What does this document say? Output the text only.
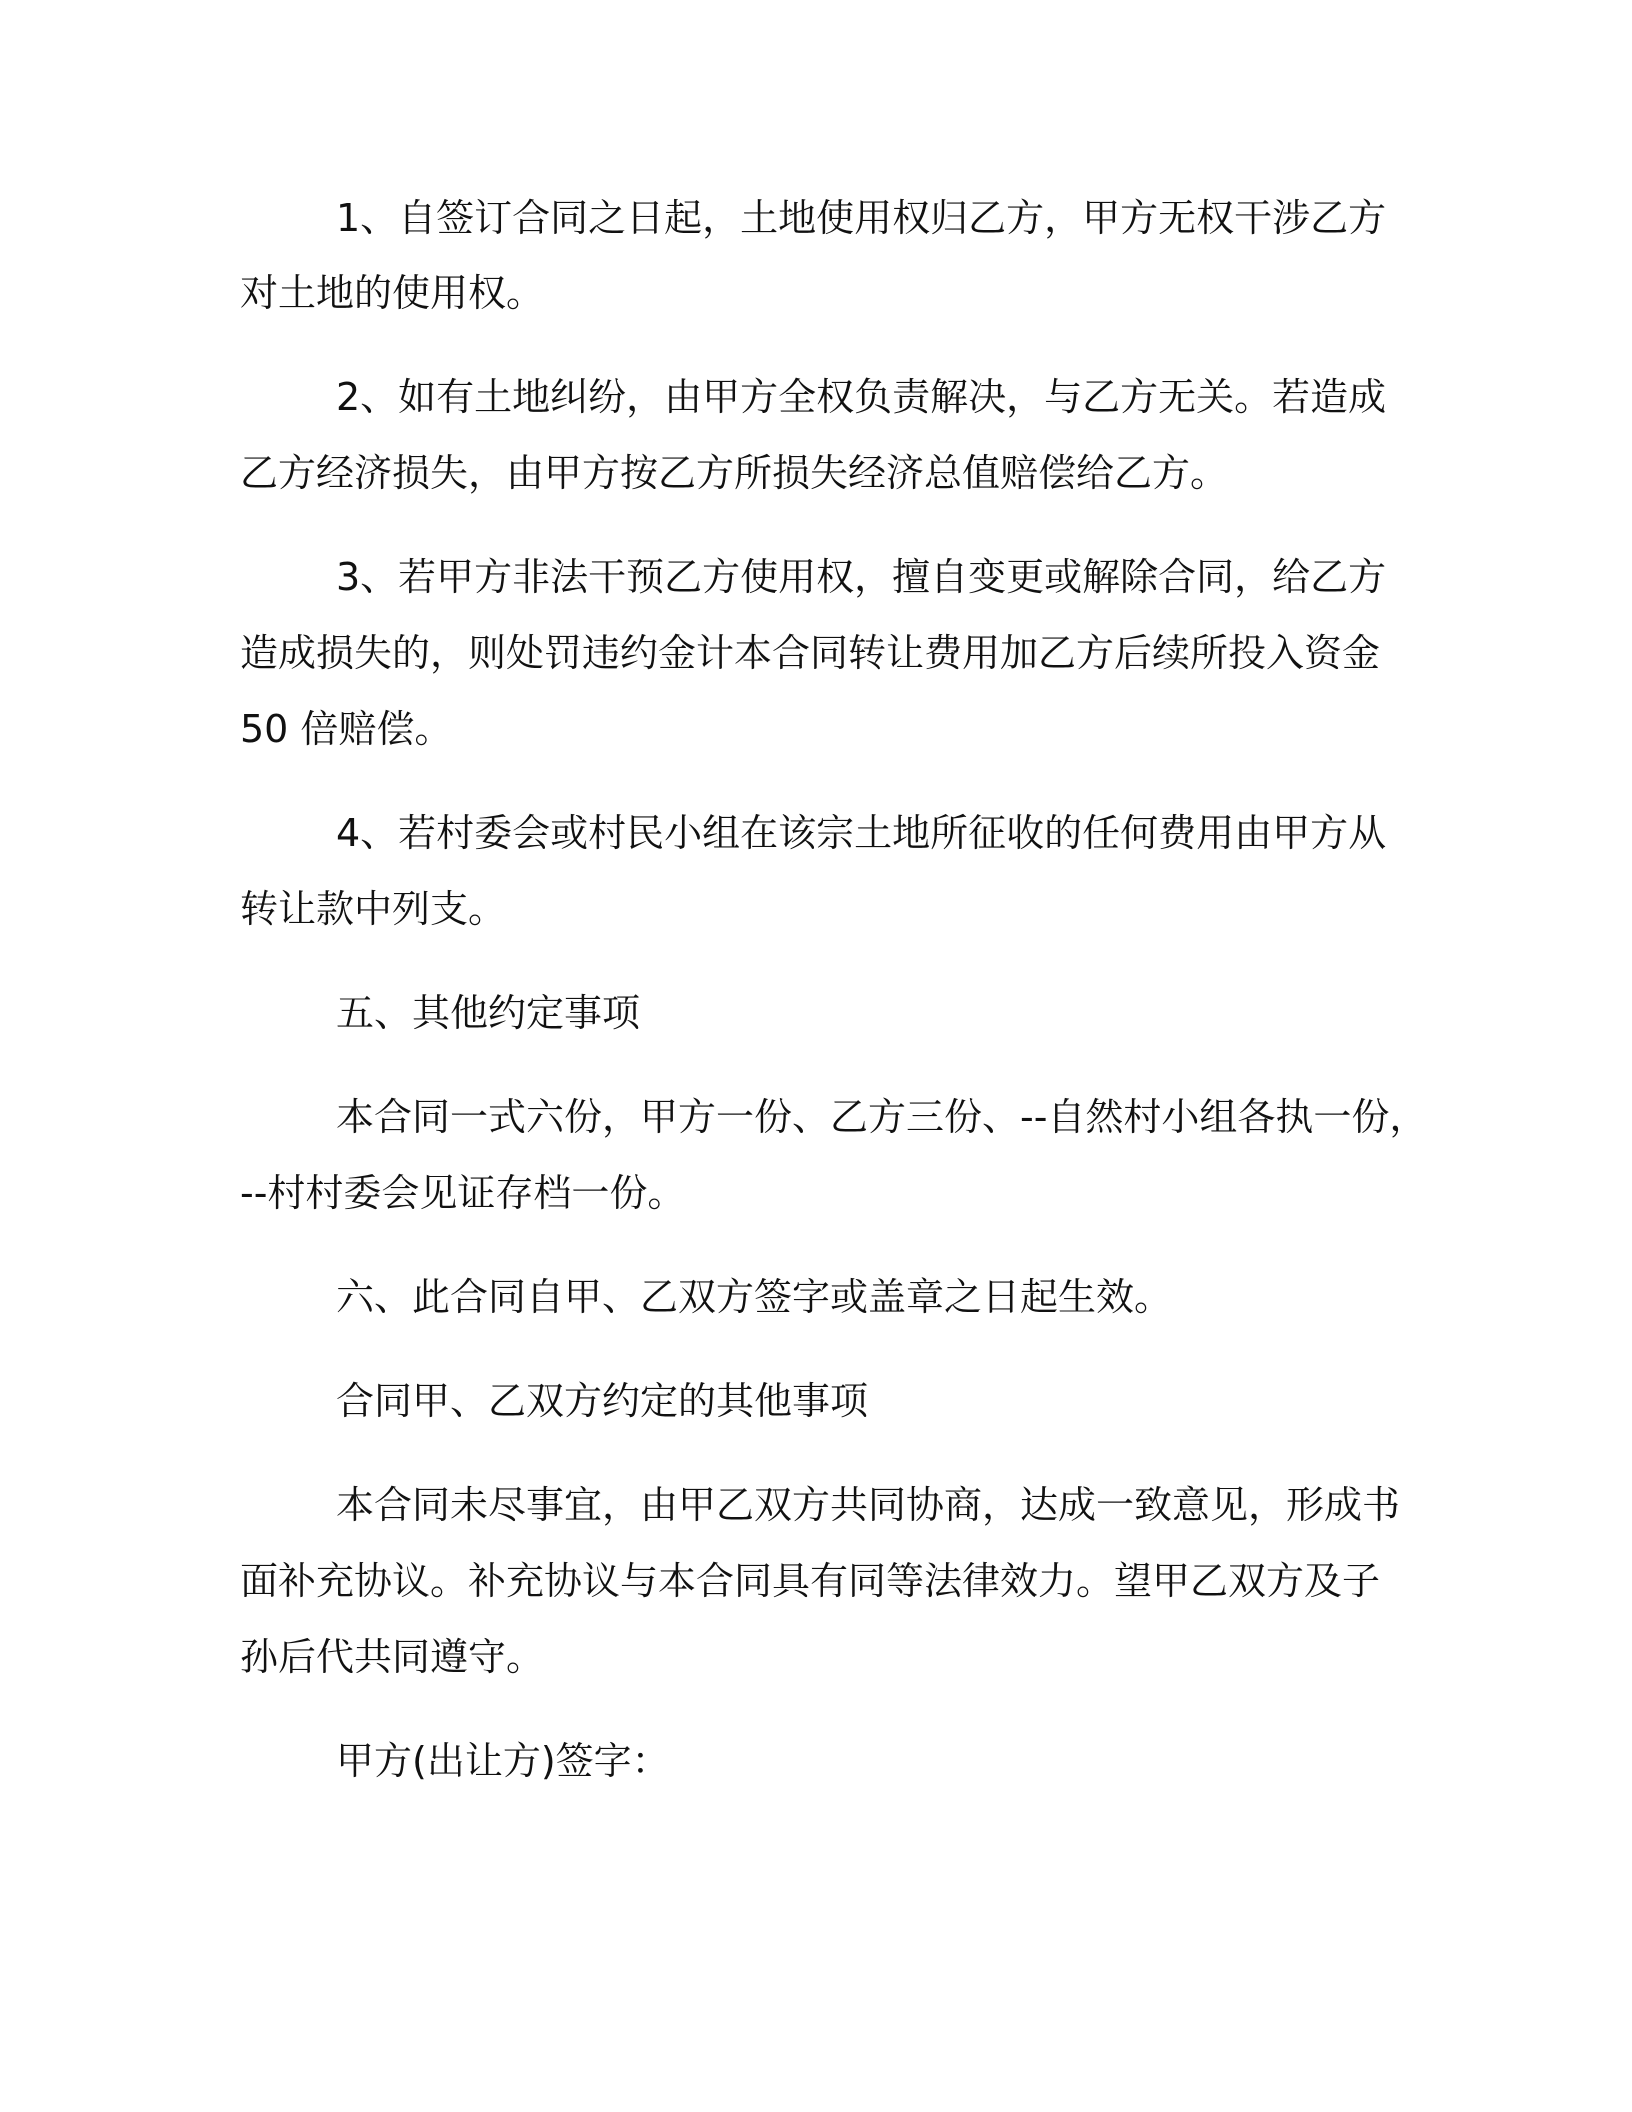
1、自签订合同之日起，土地使用权归乙方，甲方无权干涉乙方
对土地的使用权。
2、如有土地纠纷，由甲方全权负责解决，与乙方无关。若造成
乙方经济损失，由甲方按乙方所损失经济总值赔偿给乙方。
3、若甲方非法干预乙方使用权，擅自变更或解除合同，给乙方
造成损失的，则处罚违约金计本合同转让费用加乙方后续所投入资金
50 倍赔偿。
4、若村委会或村民小组在该宗土地所征收的任何费用由甲方从
转让款中列支。
五、其他约定事项
本合同一式六份，甲方一份、乙方三份、--自然村小组各执一份，
--村村委会见证存档一份。
六、此合同自甲、乙双方签字或盖章之日起生效。
合同甲、乙双方约定的其他事项
本合同未尽事宜，由甲乙双方共同协商，达成一致意见，形成书
面补充协议。补充协议与本合同具有同等法律效力。望甲乙双方及子
孙后代共同遵守。
甲方(出让方)签字：
